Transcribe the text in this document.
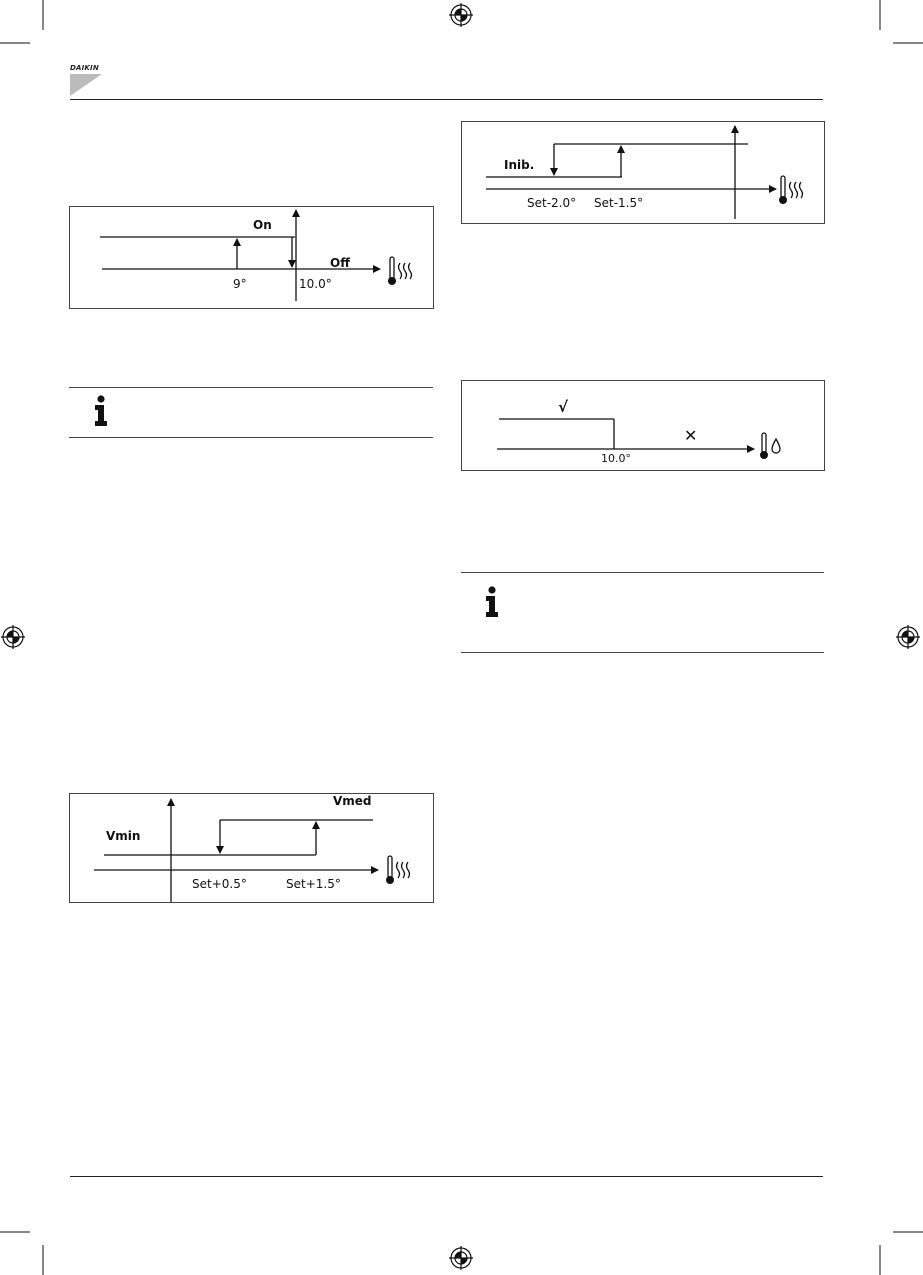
DAIKIN
On
Off
9°	10.0°
Inib.
Set-2.0° Set-1.5°
√
✕
10.0°
Vmin
Vmed
Set+0.5°	Set+1.5°
